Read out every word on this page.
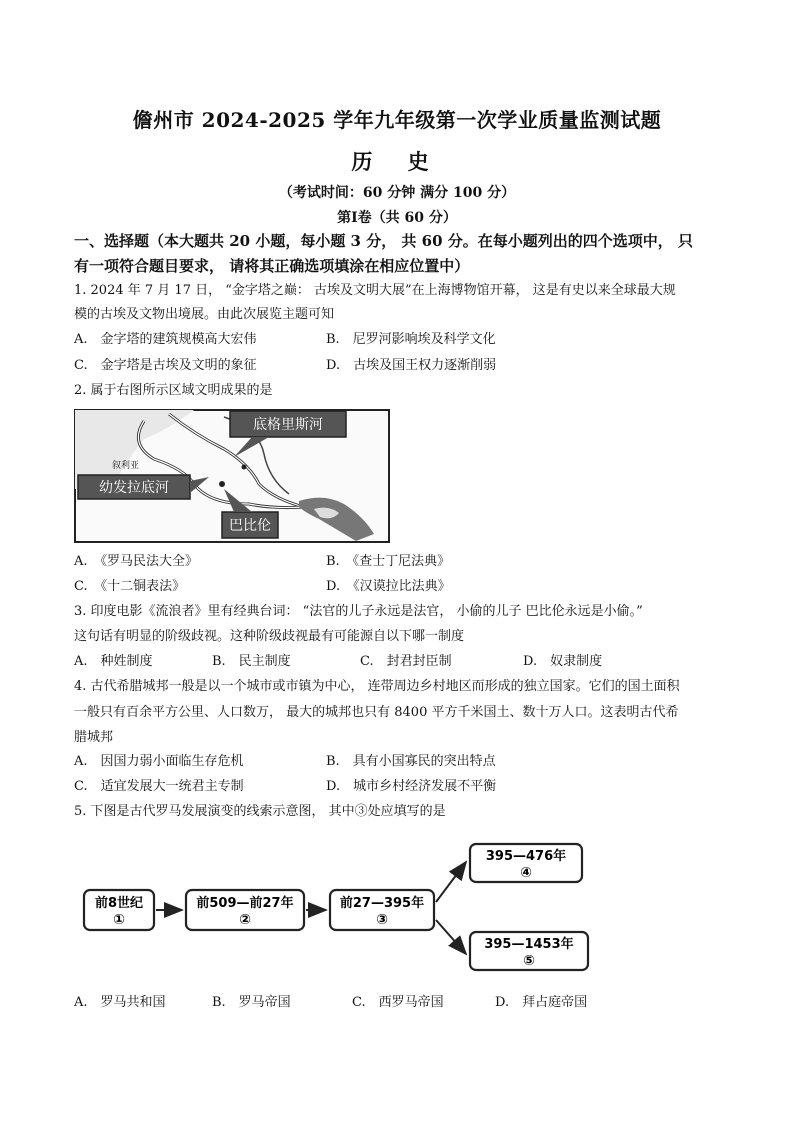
儋州市 2024-2025 学年九年级第一次学业质量监测试题
历 史
（考试时间：60 分钟 满分 100 分）
第Ⅰ卷（共 60 分）
一、选择题（本大题共 20 小题，每小题 3 分， 共 60 分。在每小题列出的四个选项中， 只
有一项符合题目要求， 请将其正确选项填涂在相应位置中）
1. 2024 年 7 月 17 日， “金字塔之巅： 古埃及文明大展”在上海博物馆开幕， 这是有史以来全球最大规
模的古埃及文物出境展。由此次展览主题可知
A.　金字塔的建筑规模高大宏伟	B.　尼罗河影响埃及科学文化
C.　金字塔是古埃及文明的象征	D.　古埃及国王权力逐渐削弱
2. 属于右图所示区域文明成果的是
叙利亚
底格里斯河
幼发拉底河
巴比伦
A.　《罗马民法大全》	B.　《查士丁尼法典》
C.　《十二铜表法》	D.　《汉谟拉比法典》
3. 印度电影《流浪者》里有经典台词： “法官的儿子永远是法官， 小偷的儿子 巴比伦永远是小偷。”
这句话有明显的阶级歧视。这种阶级歧视最有可能源自以下哪一制度
A.　种姓制度	B.　民主制度	C.　封君封臣制	D.　奴隶制度
4. 古代希腊城邦一般是以一个城市或市镇为中心， 连带周边乡村地区而形成的独立国家。它们的国土面积
一般只有百余平方公里、人口数万， 最大的城邦也只有 8400 平方千米国土、数十万人口。这表明古代希
腊城邦
A.　因国力弱小面临生存危机	B.　具有小国寡民的突出特点
C.　适宜发展大一统君主专制	D.　城市乡村经济发展不平衡
5. 下图是古代罗马发展演变的线索示意图， 其中③处应填写的是
前8世纪
①
前509—前27年
②
前27—395年
③
395—476年
④
395—1453年
⑤
A.　罗马共和国	B.　罗马帝国	C.　西罗马帝国	D.　拜占庭帝国
